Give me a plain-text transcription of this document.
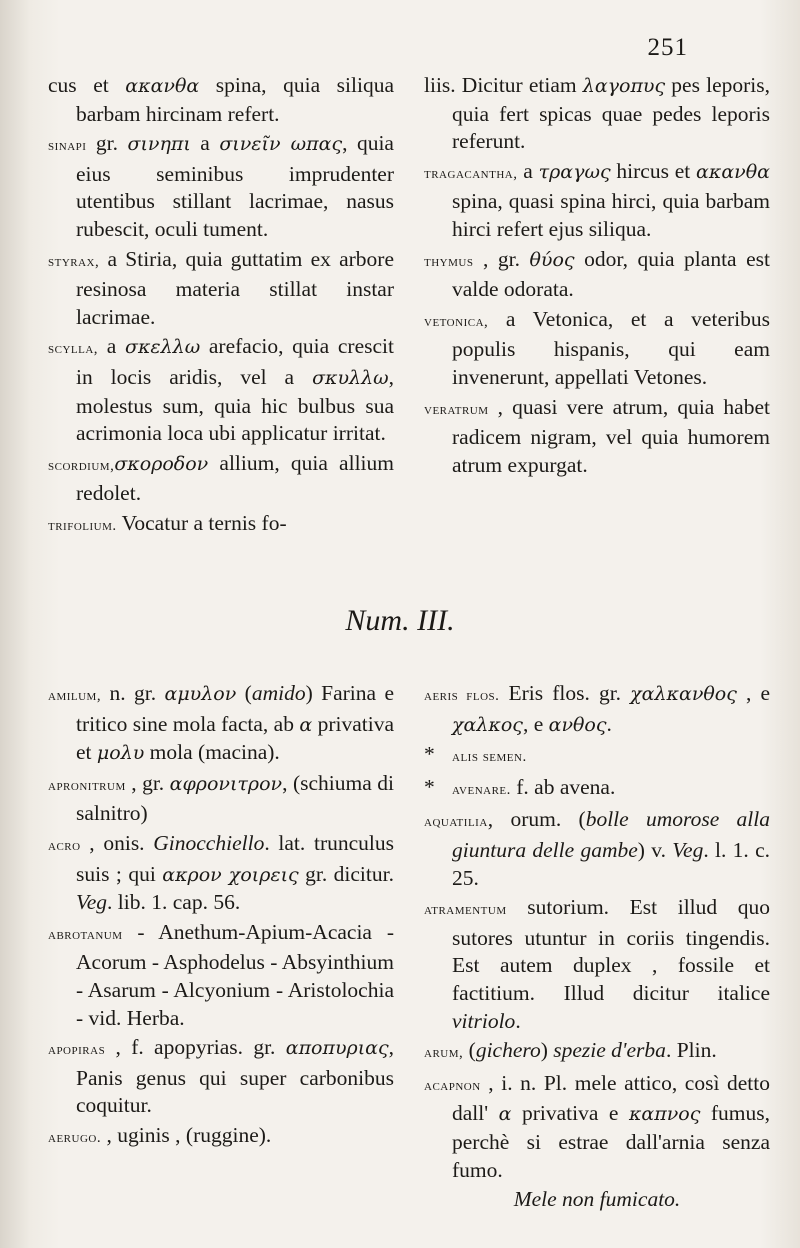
251

cus et ακανθα spina, quia siliqua barbam hircinam refert.

sinapi gr. σινηπι a σινεῖν ωπας, quia eius seminibus imprudenter utentibus stillant lacrimae, nasus rubescit, oculi tument.

styrax, a Stiria, quia guttatim ex arbore resinosa materia stillat instar lacrimae.

scylla, a σκελλω arefacio, quia crescit in locis aridis, vel a σκυλλω, molestus sum, quia hic bulbus sua acrimonia loca ubi applicatur irritat.

scordium,σκοροδον allium, quia allium redolet.

trifolium. Vocatur a ternis fo-

liis. Dicitur etiam λαγοπυς pes leporis, quia fert spicas quae pedes leporis referunt.

tragacantha, a τραγως hircus et ακανθα spina, quasi spina hirci, quia barbam hirci refert ejus siliqua.

thymus , gr. θύος odor, quia planta est valde odorata.

vetonica, a Vetonica, et a veteribus populis hispanis, qui eam invenerunt, appellati Vetones.

veratrum , quasi vere atrum, quia habet radicem nigram, vel quia humorem atrum expurgat.

Num. III.

amilum, n. gr. αμυλον (amido) Farina e tritico sine mola facta, ab α privativa et μολυ mola (macina).

apronitrum , gr. αφρονιτρον, (schiuma di salnitro)

acro , onis. Ginocchiello. lat. trunculus suis ; qui ακρον χοιρεις gr. dicitur. Veg. lib. 1. cap. 56.

abrotanum - Anethum-Apium-Acacia - Acorum - Asphodelus - Absyinthium - Asarum - Alcyonium - Aristolochia - vid. Herba.

apopiras , f. apopyrias. gr. αποπυριας, Panis genus qui super carbonibus coquitur.

aerugo. , uginis , (ruggine).

aeris flos. Eris flos. gr. χαλκανθος , e χαλκος, e ανθος.

* alis semen.

* avenare. f. ab avena.

aquatilia, orum. (bolle umorose alla giuntura delle gambe) v. Veg. l. 1. c. 25.

atramentum sutorium. Est illud quo sutores utuntur in coriis tingendis. Est autem duplex , fossile et factitium. Illud dicitur italice vitriolo.

arum, (gichero) spezie d'erba. Plin.

acapnon , i. n. Pl. mele attico, così detto dall' α privativa e καπνος fumus, perchè si estrae dall'arnia senza fumo.

Mele non fumicato.
